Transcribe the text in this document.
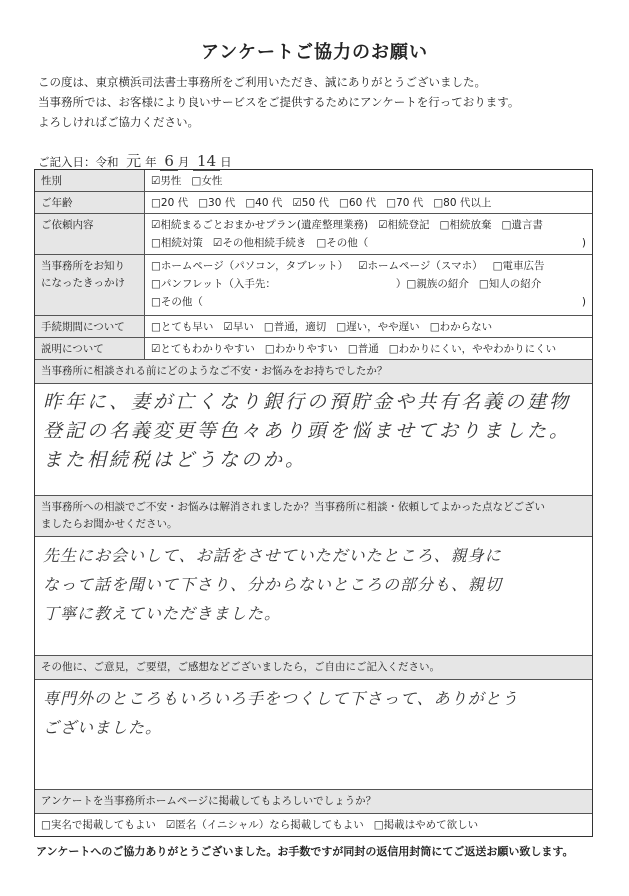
アンケートご協力のお願い
この度は、東京横浜司法書士事務所をご利用いただき、誠にありがとうございました。
当事務所では、お客様により良いサービスをご提供するためにアンケートを行っております。
よろしければご協力ください。
ご記入日：令和 元 年 6 月 14 日
性別	☑男性 □女性
ご年齢	□20 代 □30 代 □40 代 ☑50 代 □60 代 □70 代 □80 代以上
ご依頼内容	☑相続まるごとおまかせプラン(遺産整理業務) ☑相続登記 □相続放棄 □遺言書
□相続対策 ☑その他相続手続き □その他（	)
当事務所をお知り
になったきっかけ
□ホームページ（パソコン，タブレット） ☑ホームページ（スマホ） □電車広告
□パンフレット（入手先：	）□親族の紹介 □知人の紹介
□その他（	)
手続期間について	□とても早い ☑早い □普通，適切 □遅い，やや遅い □わからない
説明について	☑とてもわかりやすい □わかりやすい □普通 □わかりにくい，ややわかりにくい
当事務所に相談される前にどのようなご不安・お悩みをお持ちでしたか？

昨年に、妻が亡くなり銀行の預貯金や共有名義の建物

登記の名義変更等色々あり頭を悩ませておりました。

また相続税はどうなのか。

当事務所への相談でご不安・お悩みは解消されましたか？当事務所に相談・依頼してよかった点などござい
ましたらお聞かせください。

先生にお会いして、お話をさせていただいたところ、親身に

なって話を聞いて下さり、分からないところの部分も、親切

丁寧に教えていただきました。

その他に、ご意見，ご要望，ご感想などございましたら，ご自由にご記入ください。

専門外のところもいろいろ手をつくして下さって、ありがとう

ございました。

アンケートを当事務所ホームページに掲載してもよろしいでしょうか？
□実名で掲載してもよい ☑匿名（イニシャル）なら掲載してもよい □掲載はやめて欲しい
アンケートへのご協力ありがとうございました。お手数ですが同封の返信用封筒にてご返送お願い致します。
